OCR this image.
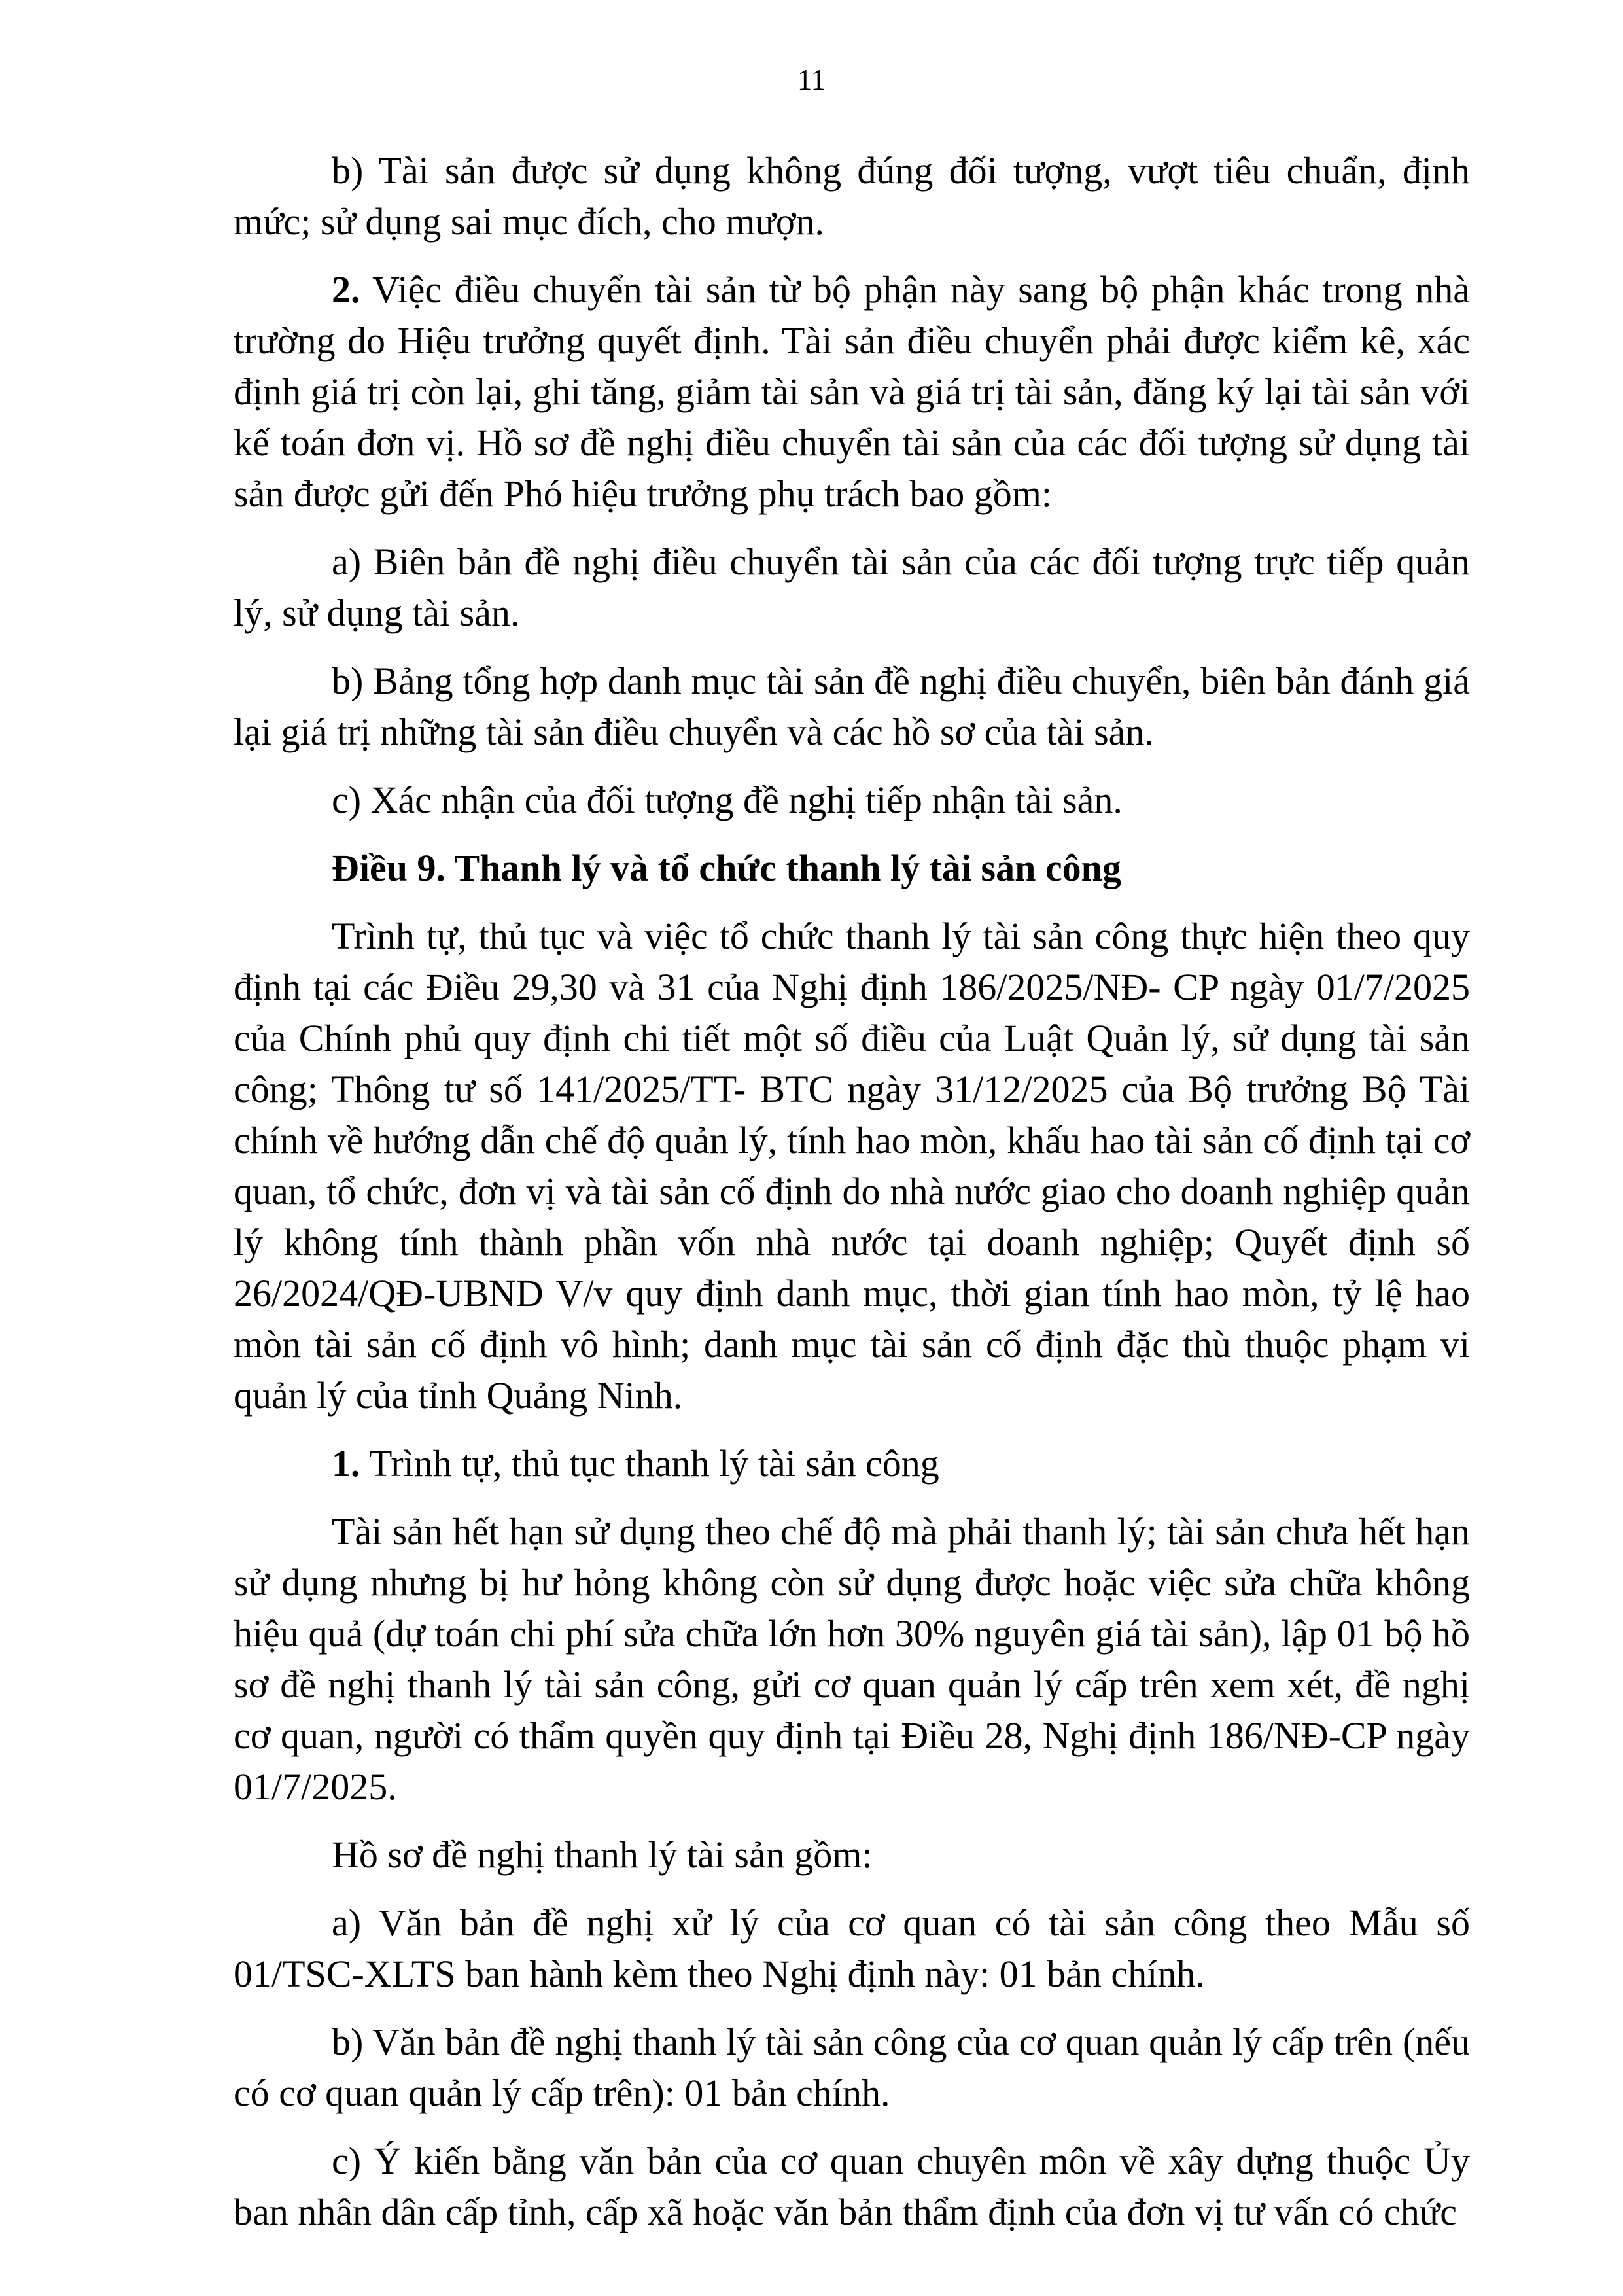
11

b) Tài sản được sử dụng không đúng đối tượng, vượt tiêu chuẩn, định mức; sử dụng sai mục đích, cho mượn.

2. Việc điều chuyển tài sản từ bộ phận này sang bộ phận khác trong nhà trường do Hiệu trưởng quyết định. Tài sản điều chuyển phải được kiểm kê, xác định giá trị còn lại, ghi tăng, giảm tài sản và giá trị tài sản, đăng ký lại tài sản với kế toán đơn vị. Hồ sơ đề nghị điều chuyển tài sản của các đối tượng sử dụng tài sản được gửi đến Phó hiệu trưởng phụ trách bao gồm:

a) Biên bản đề nghị điều chuyển tài sản của các đối tượng trực tiếp quản lý, sử dụng tài sản.

b) Bảng tổng hợp danh mục tài sản đề nghị điều chuyển, biên bản đánh giá lại giá trị những tài sản điều chuyển và các hồ sơ của tài sản.

c) Xác nhận của đối tượng đề nghị tiếp nhận tài sản.

Điều 9. Thanh lý và tổ chức thanh lý tài sản công

Trình tự, thủ tục và việc tổ chức thanh lý tài sản công thực hiện theo quy định tại các Điều 29,30 và 31 của Nghị định 186/2025/NĐ- CP ngày 01/7/2025 của Chính phủ quy định chi tiết một số điều của Luật Quản lý, sử dụng tài sản công; Thông tư số 141/2025/TT- BTC ngày 31/12/2025 của Bộ trưởng Bộ Tài chính về hướng dẫn chế độ quản lý, tính hao mòn, khấu hao tài sản cố định tại cơ quan, tổ chức, đơn vị và tài sản cố định do nhà nước giao cho doanh nghiệp quản lý không tính thành phần vốn nhà nước tại doanh nghiệp; Quyết định số 26/2024/QĐ-UBND V/v quy định danh mục, thời gian tính hao mòn, tỷ lệ hao mòn tài sản cố định vô hình; danh mục tài sản cố định đặc thù thuộc phạm vi quản lý của tỉnh Quảng Ninh.

1. Trình tự, thủ tục thanh lý tài sản công

Tài sản hết hạn sử dụng theo chế độ mà phải thanh lý; tài sản chưa hết hạn sử dụng nhưng bị hư hỏng không còn sử dụng được hoặc việc sửa chữa không hiệu quả (dự toán chi phí sửa chữa lớn hơn 30% nguyên giá tài sản), lập 01 bộ hồ sơ đề nghị thanh lý tài sản công, gửi cơ quan quản lý cấp trên xem xét, đề nghị cơ quan, người có thẩm quyền quy định tại Điều 28, Nghị định 186/NĐ-CP ngày 01/7/2025.

Hồ sơ đề nghị thanh lý tài sản gồm:

a) Văn bản đề nghị xử lý của cơ quan có tài sản công theo Mẫu số 01/TSC-XLTS ban hành kèm theo Nghị định này: 01 bản chính.

b) Văn bản đề nghị thanh lý tài sản công của cơ quan quản lý cấp trên (nếu có cơ quan quản lý cấp trên): 01 bản chính.

c) Ý kiến bằng văn bản của cơ quan chuyên môn về xây dựng thuộc Ủy ban nhân dân cấp tỉnh, cấp xã hoặc văn bản thẩm định của đơn vị tư vấn có chức
